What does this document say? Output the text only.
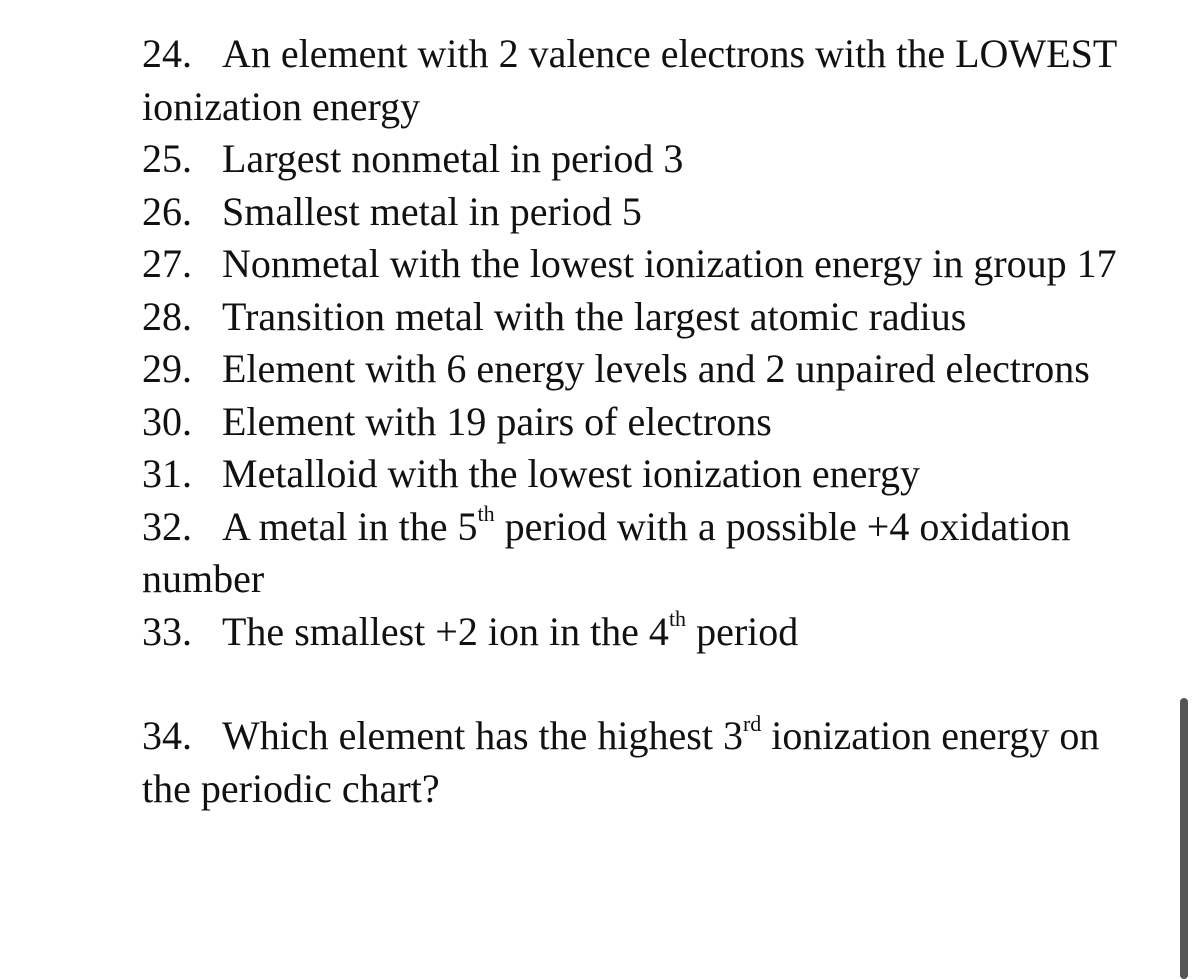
24. An element with 2 valence electrons with the LOWEST ionization energy

25. Largest nonmetal in period 3

26. Smallest metal in period 5

27. Nonmetal with the lowest ionization energy in group 17

28. Transition metal with the largest atomic radius

29. Element with 6 energy levels and 2 unpaired electrons

30. Element with 19 pairs of electrons

31. Metalloid with the lowest ionization energy

32. A metal in the 5th period with a possible +4 oxidation number

33. The smallest +2 ion in the 4th period

34. Which element has the highest 3rd ionization energy on the periodic chart?
